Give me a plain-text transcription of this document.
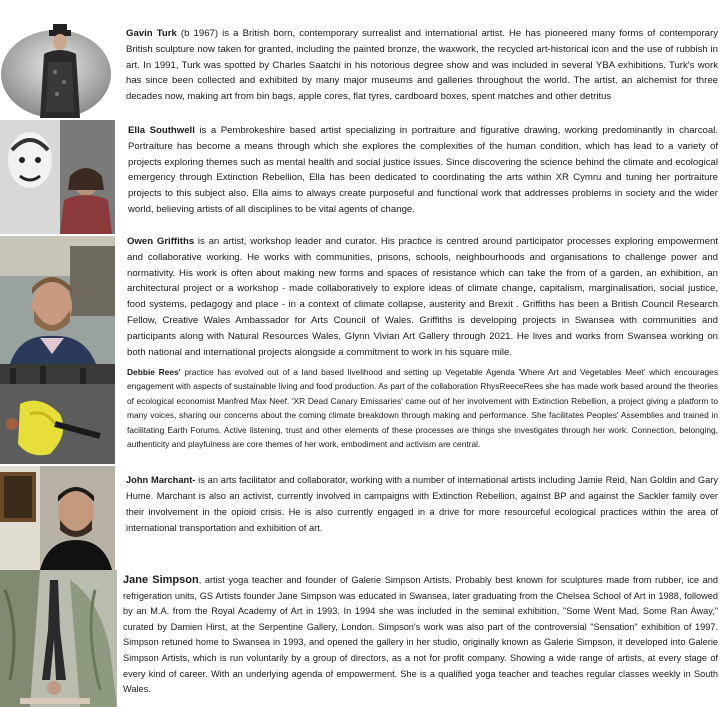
Gavin Turk (b 1967) is a British born, contemporary surrealist and international artist. He has pioneered many forms of contemporary British sculpture now taken for granted, including the painted bronze, the waxwork, the recycled art-historical icon and the use of rubbish in art. In 1991, Turk was spotted by Charles Saatchi in his notorious degree show and was included in several YBA exhibitions. Turk's work has since been collected and exhibited by many major museums and galleries throughout the world. The artist, an alchemist for three decades now, making art from bin bags, apple cores, flat tyres, cardboard boxes, spent matches and other detritus
Ella Southwell is a Pembrokeshire based artist specializing in portraiture and figurative drawing, working predominantly in charcoal. Portraiture has become a means through which she explores the complexities of the human condition, which has lead to a variety of projects exploring themes such as mental health and social justice issues. Since discovering the science behind the climate and ecological emergency through Extinction Rebellion, Ella has been dedicated to coordinating the arts within XR Cymru and tuning her portraiture projects to this subject also. Ella aims to always create purposeful and functional work that addresses problems in society and the wider world, believing artists of all disciplines to be vital agents of change.
Owen Griffiths is an artist, workshop leader and curator. His practice is centred around participator processes exploring empowerment and collaborative working. He works with communities, prisons, schools, neighbourhoods and organisations to challenge power and normativity. His work is often about making new forms and spaces of resistance which can take the from of a garden, an exhibition, an architectural project or a workshop - made collaboratively to explore ideas of climate change, capitalism, marginalisation, social justice, food systems, pedagogy and place - in a context of climate collapse, austerity and Brexit . Griffiths has been a British Council Research Fellow, Creative Wales Ambassador for Arts Council of Wales. Griffiths is developing projects in Swansea with communities and participants along with Natural Resources Wales, Glynn Vivian Art Gallery through 2021. He lives and works from Swansea working on both national and international projects alongside a commitment to work in his square mile.
Debbie Rees' practice has evolved out of a land based livelihood and setting up Vegetable Agenda 'Where Art and Vegetables Meet' which encourages engagement with aspects of sustainable living and food production. As part of the collaboration RhysReeceRees she has made work based around the theories of ecological economist Manfred Max Neef. 'XR Dead Canary Emissaries' came out of her involvement with Extinction Rebellion, a project giving a platform to many voices, sharing our concerns about the coming climate breakdown through making and performance. She facilitates Peoples' Assemblies and trained in facilitating Earth Forums. Active listening, trust and other elements of these processes are things she investigates through her work. Connection, belonging, authenticity and playfulness are core themes of her work, embodiment and activism are central.
John Marchant- is an arts facilitator and collaborator, working with a number of international artists including Jamie Reid, Nan Goldin and Gary Hume. Marchant is also an activist, currently involved in campaigns with Extinction Rebellion, against BP and against the Sackler family over their involvement in the opioid crisis. He is also currently engaged in a drive for more resourceful ecological practices within the area of international transportation and exhibition of art.
Jane Simpson, artist yoga teacher and founder of Galerie Simpson Artists. Probably best known for sculptures made from rubber, ice and refrigeration units, GS Artists founder Jane Simpson was educated in Swansea, later graduating from the Chelsea School of Art in 1988, followed by an M.A. from the Royal Academy of Art in 1993. In 1994 she was included in the seminal exhibition, "Some Went Mad, Some Ran Away," curated by Damien Hirst, at the Serpentine Gallery, London. Simpson's work was also part of the controversial "Sensation" exhibition of 1997. Simpson retuned home to Swansea in 1993, and opened the gallery in her studio, originally known as Galerie Simpson, it developed into Galerie Simpson Artists, which is run voluntarily by a group of directors, as a not for profit company. Showing a wide range of artists, at every stage of every kind of career. With an underlying agenda of empowerment. She is a qualified yoga teacher and teaches regular classes weekly in South Wales.
